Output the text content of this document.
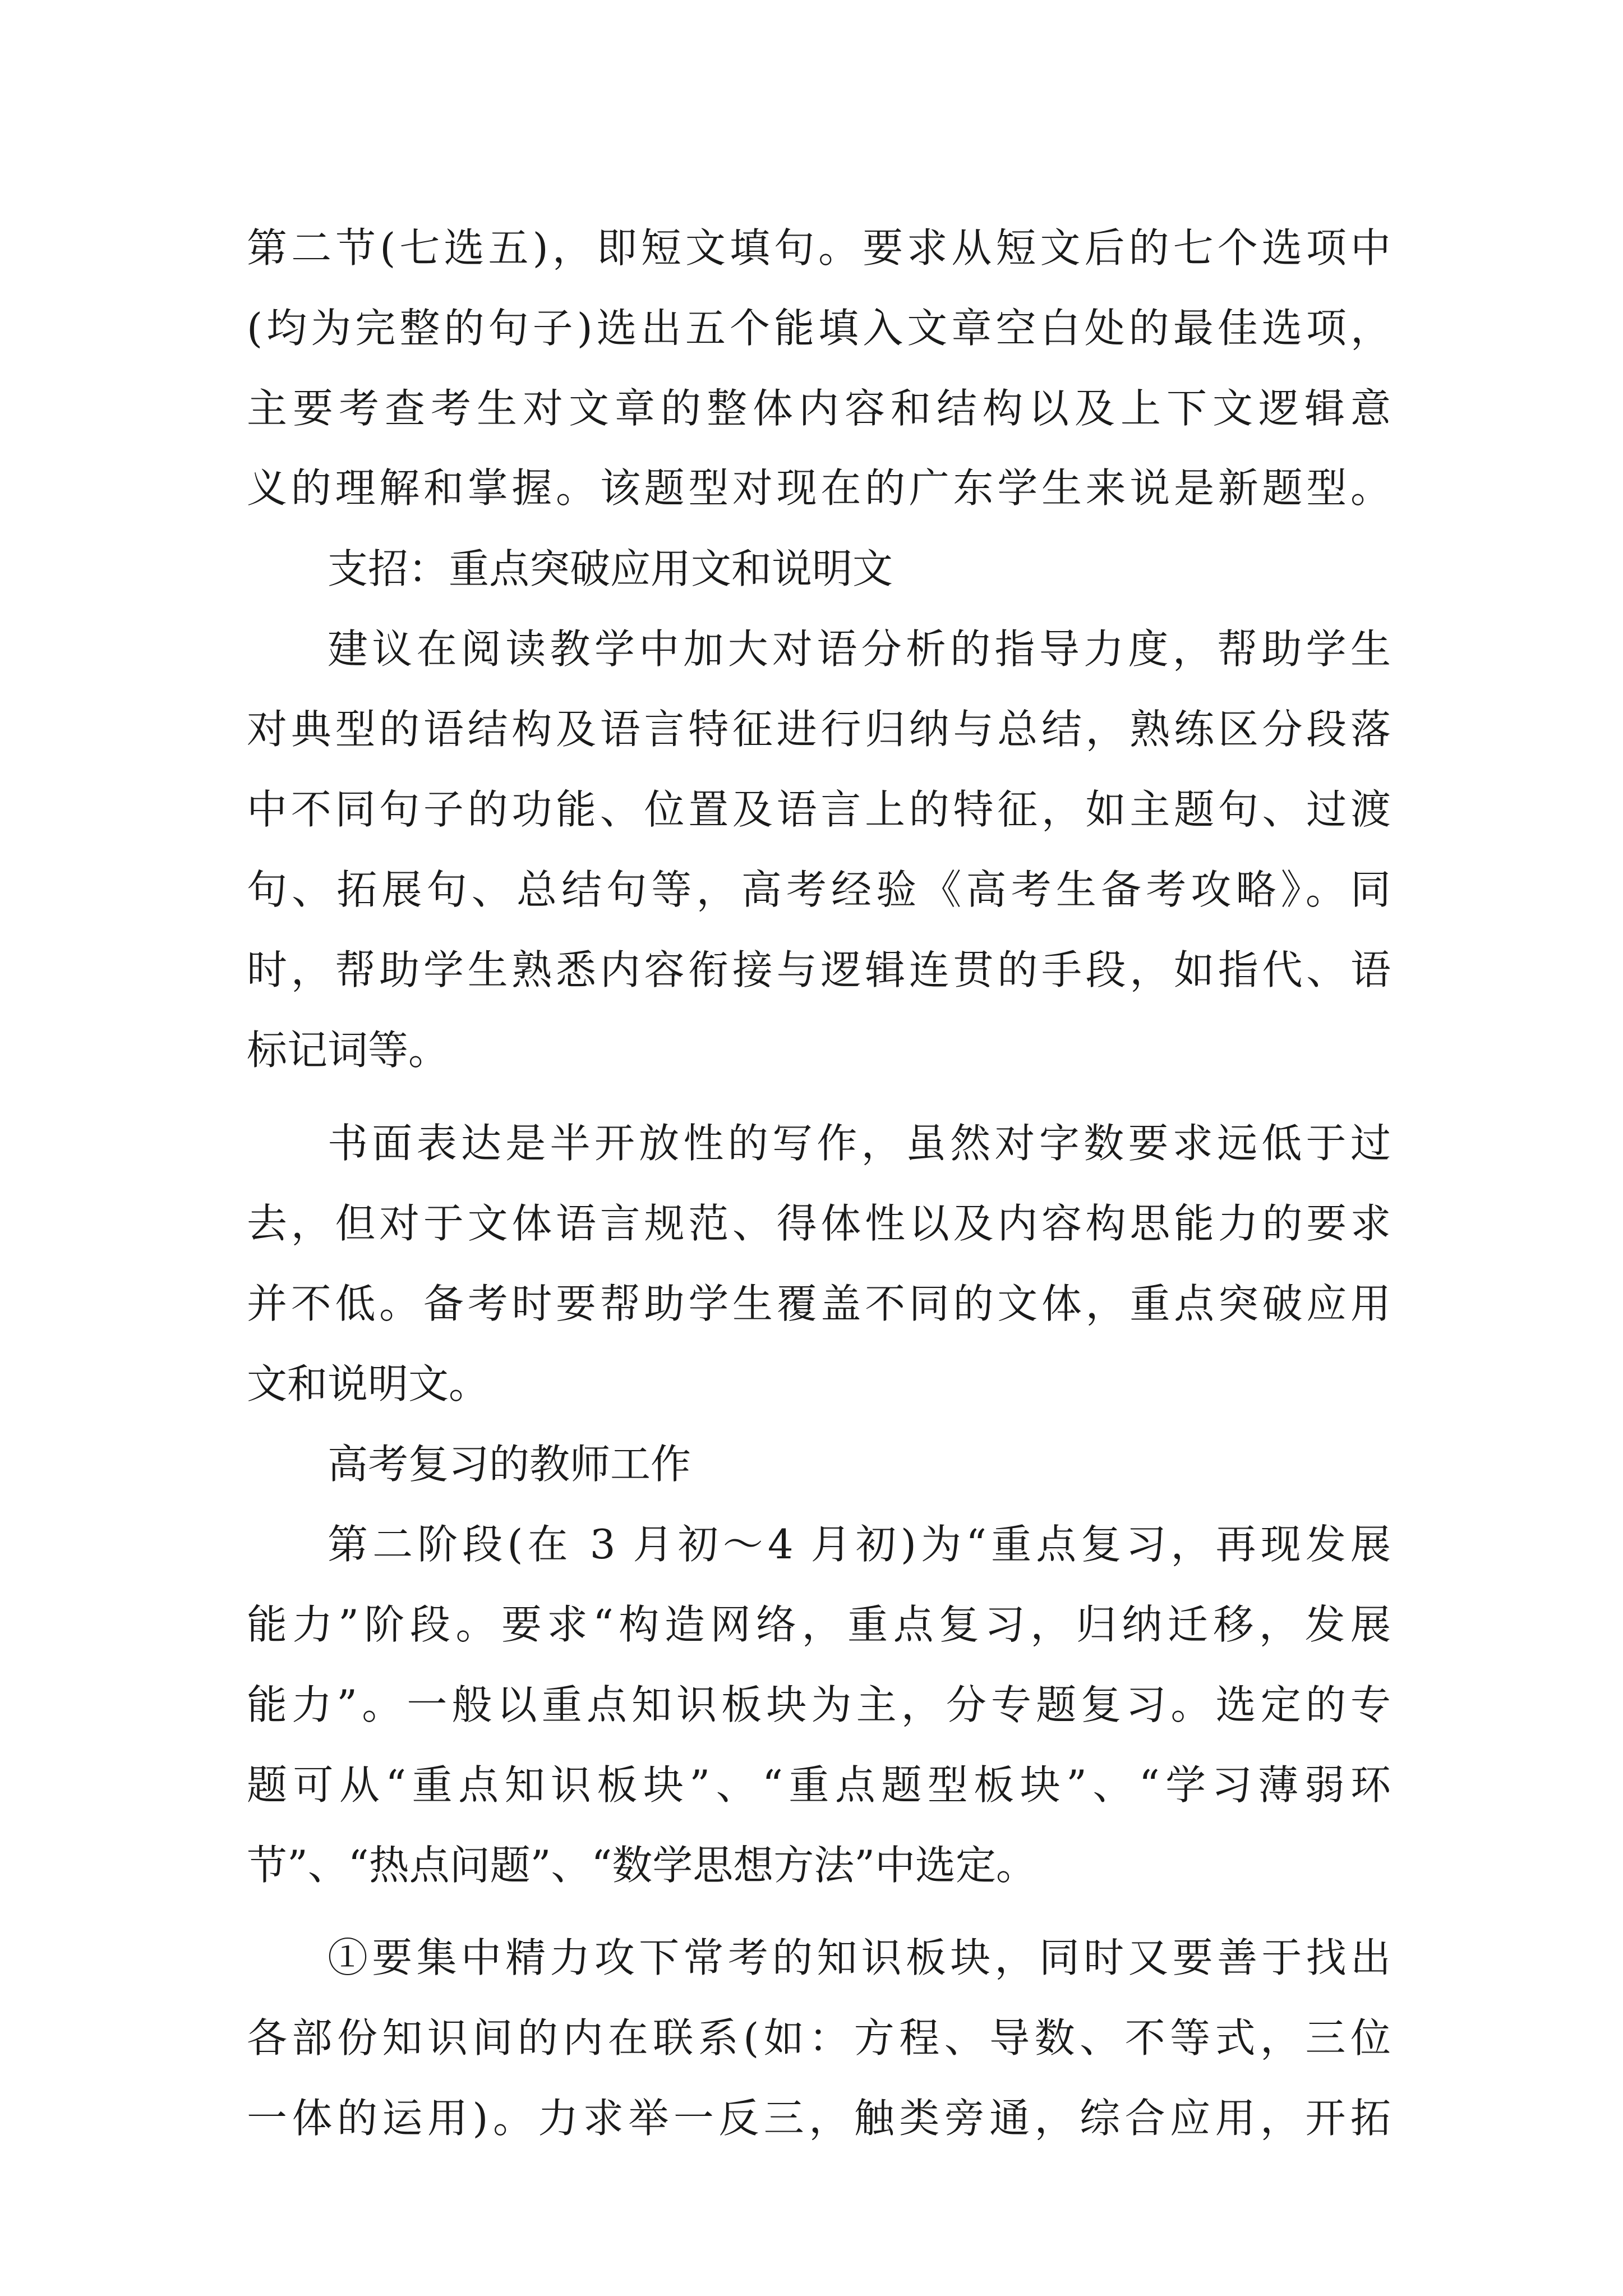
第二节(七选五)，即短文填句。要求从短文后的七个选项中

(均为完整的句子)选出五个能填入文章空白处的最佳选项，

主要考查考生对文章的整体内容和结构以及上下文逻辑意

义的理解和掌握。该题型对现在的广东学生来说是新题型。

支招：重点突破应用文和说明文

建议在阅读教学中加大对语分析的指导力度，帮助学生

对典型的语结构及语言特征进行归纳与总结，熟练区分段落

中不同句子的功能、位置及语言上的特征，如主题句、过渡

句、拓展句、总结句等，高考经验《高考生备考攻略》。同

时，帮助学生熟悉内容衔接与逻辑连贯的手段，如指代、语

标记词等。

书面表达是半开放性的写作，虽然对字数要求远低于过

去，但对于文体语言规范、得体性以及内容构思能力的要求

并不低。备考时要帮助学生覆盖不同的文体，重点突破应用

文和说明文。

高考复习的教师工作

第二阶段(在 3 月初～4 月初)为“重点复习，再现发展

能力”阶段。要求“构造网络，重点复习，归纳迁移，发展

能力”。一般以重点知识板块为主，分专题复习。选定的专

题可从“重点知识板块”、“重点题型板块”、“学习薄弱环

节”、“热点问题”、“数学思想方法”中选定。

①要集中精力攻下常考的知识板块，同时又要善于找出

各部份知识间的内在联系(如：方程、导数、不等式，三位

一体的运用)。力求举一反三，触类旁通，综合应用，开拓
